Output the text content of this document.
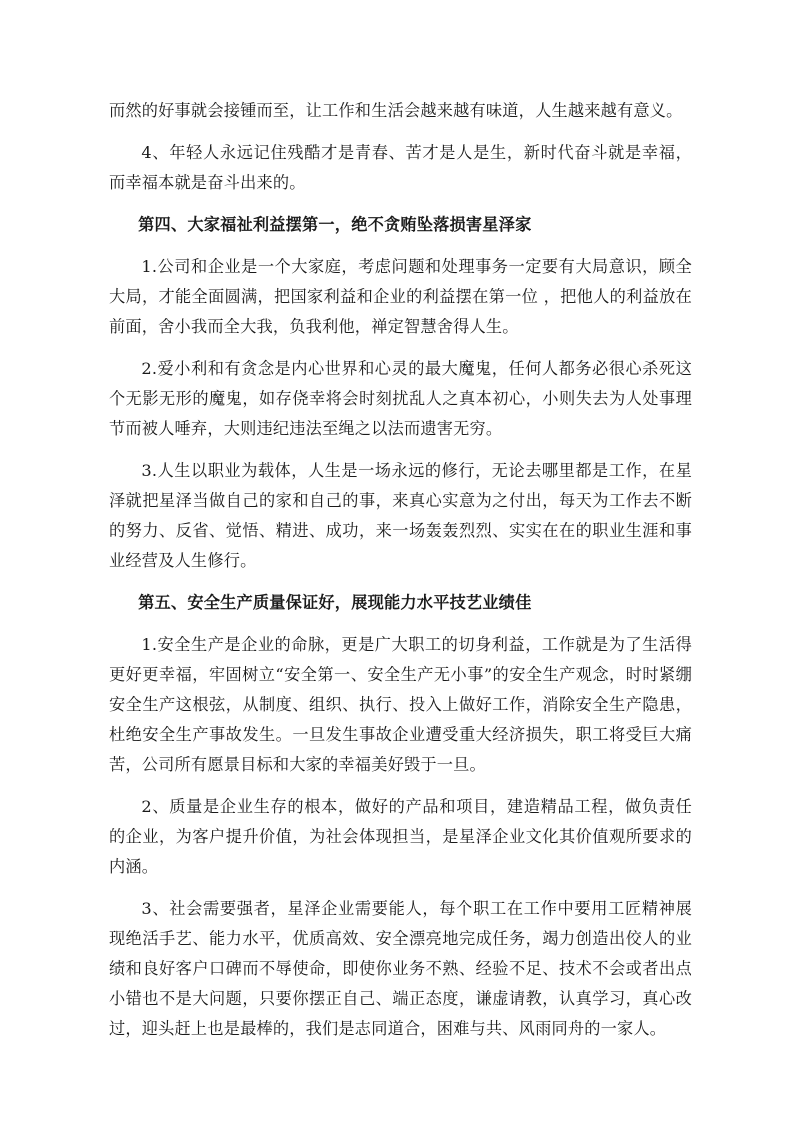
而然的好事就会接锺而至，让工作和生活会越来越有味道，人生越来越有意义。

4、年轻人永远记住残酷才是青春、苦才是人是生，新时代奋斗就是幸福，而幸福本就是奋斗出来的。

第四、大家福祉利益摆第一，绝不贪贿坠落损害星泽家

1.公司和企业是一个大家庭，考虑问题和处理事务一定要有大局意识，顾全大局，才能全面圆满，把国家利益和企业的利益摆在第一位 ，把他人的利益放在前面，舍小我而全大我，负我利他，禅定智慧舍得人生。

2.爱小利和有贪念是内心世界和心灵的最大魔鬼，任何人都务必很心杀死这个无影无形的魔鬼，如存侥幸将会时刻扰乱人之真本初心，小则失去为人处事理节而被人唾弃，大则违纪违法至绳之以法而遗害无穷。

3.人生以职业为载体，人生是一场永远的修行，无论去哪里都是工作，在星泽就把星泽当做自己的家和自己的事，来真心实意为之付出，每天为工作去不断的努力、反省、觉悟、精进、成功，来一场轰轰烈烈、实实在在的职业生涯和事业经营及人生修行。

第五、安全生产质量保证好，展现能力水平技艺业绩佳

1.安全生产是企业的命脉，更是广大职工的切身利益，工作就是为了生活得更好更幸福，牢固树立“安全第一、安全生产无小事”的安全生产观念，时时紧绷安全生产这根弦，从制度、组织、执行、投入上做好工作，消除安全生产隐患，杜绝安全生产事故发生。一旦发生事故企业遭受重大经济损失，职工将受巨大痛苦，公司所有愿景目标和大家的幸福美好毁于一旦。

2、质量是企业生存的根本，做好的产品和项目，建造精品工程，做负责任的企业，为客户提升价值，为社会体现担当，是星泽企业文化其价值观所要求的内涵。

3、社会需要强者，星泽企业需要能人，每个职工在工作中要用工匠精神展现绝活手艺、能力水平，优质高效、安全漂亮地完成任务，竭力创造出佼人的业绩和良好客户口碑而不辱使命，即使你业务不熟、经验不足、技术不会或者出点小错也不是大问题，只要你摆正自己、端正态度，谦虚请教，认真学习，真心改过，迎头赶上也是最棒的，我们是志同道合，困难与共、风雨同舟的一家人。
